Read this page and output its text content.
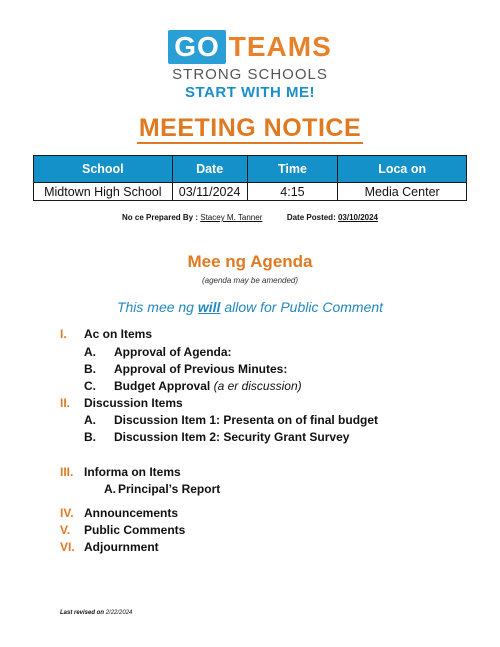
GO TEAMS
STRONG SCHOOLS
START WITH ME!
MEETING NOTICE
School	Date	Time	Loca on
Midtown High School	03/11/2024	4:15	Media Center
No ce Prepared By : Stacey M. Tanner	Date Posted: 03/10/2024
Mee ng Agenda
(agenda may be amended)
This mee ng will allow for Public Comment
I. Ac on Items
A. Approval of Agenda:
B. Approval of Previous Minutes:
C. Budget Approval (a er discussion)
II. Discussion Items
A. Discussion Item 1: Presenta on of final budget
B. Discussion Item 2: Security Grant Survey
III. Informa on Items
A. Principal’s Report
IV. Announcements
V. Public Comments
VI. Adjournment
Last revised on 2/22/2024
